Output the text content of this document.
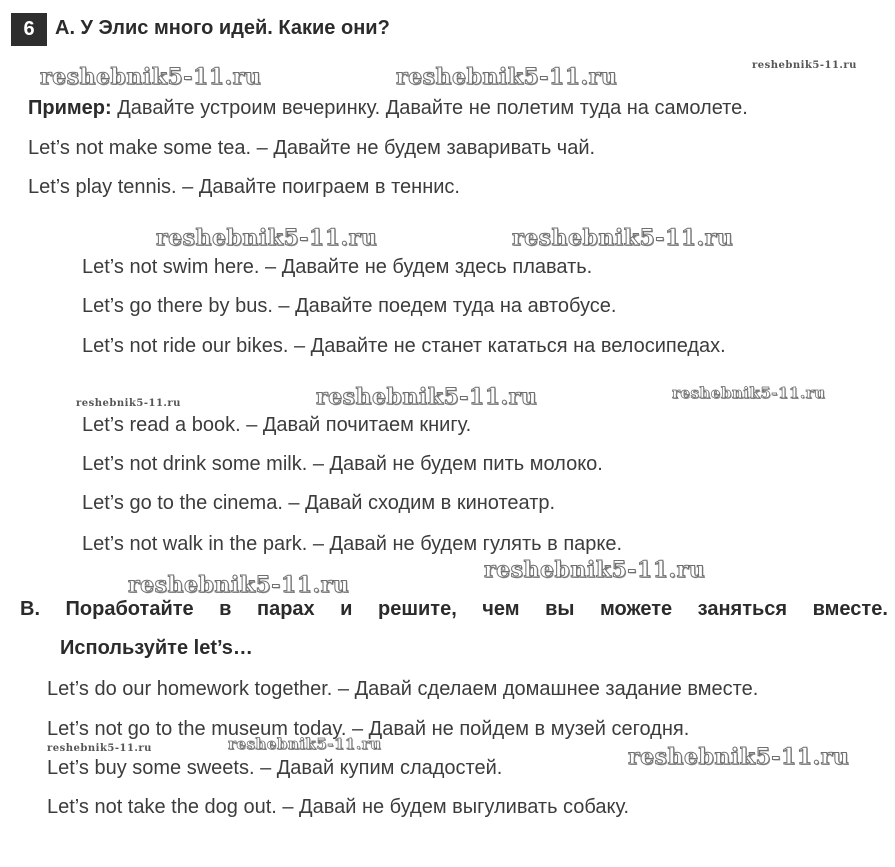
6	A. У Элис много идей. Какие они?
reshebnik5-11.ru	reshebnik5-11.ru	reshebnik5-11.ru
Пример: Давайте устроим вечеринку. Давайте не полетим туда на самолете.
Let’s not make some tea. – Давайте не будем заваривать чай.
Let’s play tennis. – Давайте поиграем в теннис.
reshebnik5-11.ru	reshebnik5-11.ru
Let’s not swim here. – Давайте не будем здесь плавать.
Let’s go there by bus. – Давайте поедем туда на автобусе.
Let’s not ride our bikes. – Давайте не станет кататься на велосипедах.
reshebnik5-11.ru	reshebnik5-11.ru	reshebnik5-11.ru
Let’s read a book. – Давай почитаем книгу.
Let’s not drink some milk. – Давай не будем пить молоко.
Let’s go to the cinema. – Давай сходим в кинотеатр.
Let’s not walk in the park. – Давай не будем гулять в парке.
reshebnik5-11.ru
reshebnik5-11.ru
B. Поработайте в парах и решите, чем вы можете заняться вместе.
Используйте let’s…
Let’s do our homework together. – Давай сделаем домашнее задание вместе.
Let’s not go to the museum today. – Давай не пойдем в музей сегодня.
reshebnik5-11.ru	reshebnik5-11.ru	reshebnik5-11.ru
Let’s buy some sweets. – Давай купим сладостей.
Let’s not take the dog out. – Давай не будем выгуливать собаку.
